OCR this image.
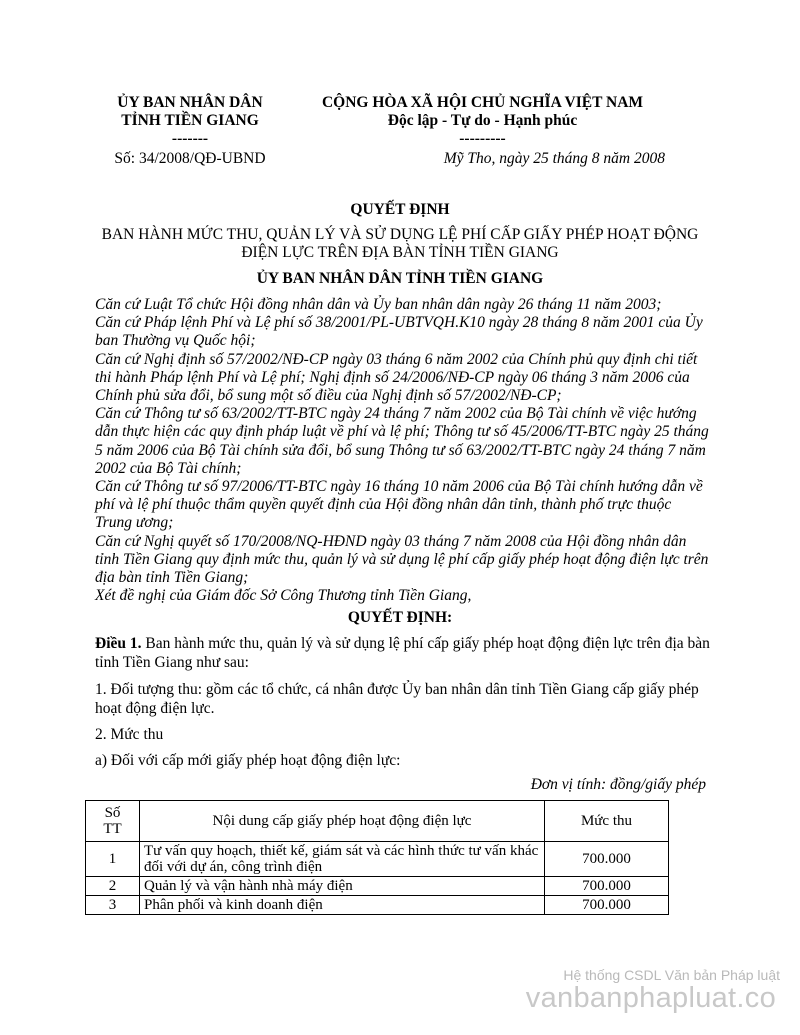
ỦY BAN NHÂN DÂN
TỈNH TIỀN GIANG
-------
CỘNG HÒA XÃ HỘI CHỦ NGHĨA VIỆT NAM
Độc lập - Tự do - Hạnh phúc
---------
Số: 34/2008/QĐ-UBND	Mỹ Tho, ngày 25 tháng 8 năm 2008
QUYẾT ĐỊNH
BAN HÀNH MỨC THU, QUẢN LÝ VÀ SỬ DỤNG LỆ PHÍ CẤP GIẤY PHÉP HOẠT ĐỘNG
ĐIỆN LỰC TRÊN ĐỊA BÀN TỈNH TIỀN GIANG
ỦY BAN NHÂN DÂN TỈNH TIỀN GIANG

Căn cứ Luật Tổ chức Hội đồng nhân dân và Ủy ban nhân dân ngày 26 tháng 11 năm 2003;

Căn cứ Pháp lệnh Phí và Lệ phí số 38/2001/PL-UBTVQH.K10 ngày 28 tháng 8 năm 2001 của Ủy ban Thường vụ Quốc hội;

Căn cứ Nghị định số 57/2002/NĐ-CP ngày 03 tháng 6 năm 2002 của Chính phủ quy định chi tiết thi hành Pháp lệnh Phí và Lệ phí; Nghị định số 24/2006/NĐ-CP ngày 06 tháng 3 năm 2006 của Chính phủ sửa đổi, bổ sung một số điều của Nghị định số 57/2002/NĐ-CP;

Căn cứ Thông tư số 63/2002/TT-BTC ngày 24 tháng 7 năm 2002 của Bộ Tài chính về việc hướng dẫn thực hiện các quy định pháp luật về phí và lệ phí; Thông tư số 45/2006/TT-BTC ngày 25 tháng 5 năm 2006 của Bộ Tài chính sửa đổi, bổ sung Thông tư số 63/2002/TT-BTC ngày 24 tháng 7 năm 2002 của Bộ Tài chính;

Căn cứ Thông tư số 97/2006/TT-BTC ngày 16 tháng 10 năm 2006 của Bộ Tài chính hướng dẫn về phí và lệ phí thuộc thẩm quyền quyết định của Hội đồng nhân dân tỉnh, thành phố trực thuộc Trung ương;

Căn cứ Nghị quyết số 170/2008/NQ-HĐND ngày 03 tháng 7 năm 2008 của Hội đồng nhân dân tỉnh Tiền Giang quy định mức thu, quản lý và sử dụng lệ phí cấp giấy phép hoạt động điện lực trên địa bàn tỉnh Tiền Giang;

Xét đề nghị của Giám đốc Sở Công Thương tỉnh Tiền Giang,

QUYẾT ĐỊNH:

Điều 1. Ban hành mức thu, quản lý và sử dụng lệ phí cấp giấy phép hoạt động điện lực trên địa bàn tỉnh Tiền Giang như sau:

1. Đối tượng thu: gồm các tổ chức, cá nhân được Ủy ban nhân dân tỉnh Tiền Giang cấp giấy phép hoạt động điện lực.

2. Mức thu

a) Đối với cấp mới giấy phép hoạt động điện lực:

Đơn vị tính: đồng/giấy phép
Số
TT	Nội dung cấp giấy phép hoạt động điện lực	Mức thu
1	Tư vấn quy hoạch, thiết kế, giám sát và các hình thức tư vấn khác đối với dự án, công trình điện	700.000
2	Quản lý và vận hành nhà máy điện	700.000
3	Phân phối và kinh doanh điện	700.000
Hệ thống CSDL Văn bản Pháp luật
vanbanphapluat.co
